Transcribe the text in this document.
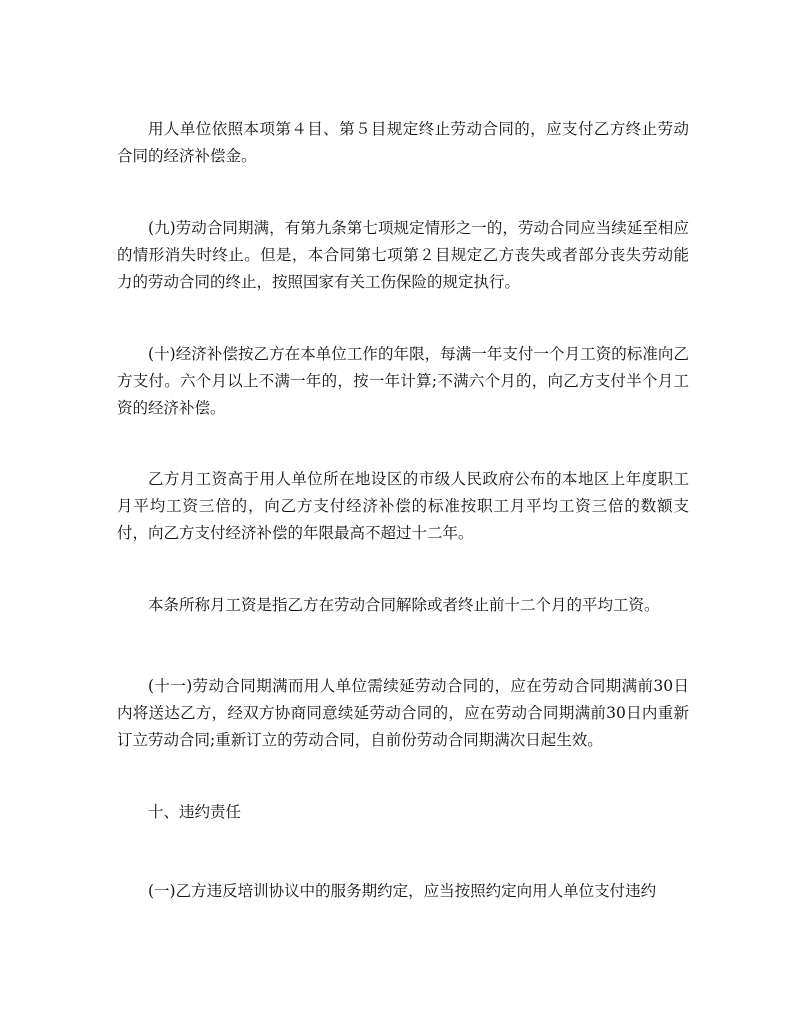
用人单位依照本项第４目、第５目规定终止劳动合同的，应支付乙方终止劳动合同的经济补偿金。

(九)劳动合同期满，有第九条第七项规定情形之一的，劳动合同应当续延至相应的情形消失时终止。但是，本合同第七项第２目规定乙方丧失或者部分丧失劳动能力的劳动合同的终止，按照国家有关工伤保险的规定执行。

(十)经济补偿按乙方在本单位工作的年限，每满一年支付一个月工资的标准向乙方支付。六个月以上不满一年的，按一年计算;不满六个月的，向乙方支付半个月工资的经济补偿。

乙方月工资高于用人单位所在地设区的市级人民政府公布的本地区上年度职工月平均工资三倍的，向乙方支付经济补偿的标准按职工月平均工资三倍的数额支付，向乙方支付经济补偿的年限最高不超过十二年。

本条所称月工资是指乙方在劳动合同解除或者终止前十二个月的平均工资。

(十一)劳动合同期满而用人单位需续延劳动合同的，应在劳动合同期满前30日内将送达乙方，经双方协商同意续延劳动合同的，应在劳动合同期满前30日内重新订立劳动合同;重新订立的劳动合同，自前份劳动合同期满次日起生效。

十、违约责任

(一)乙方违反培训协议中的服务期约定，应当按照约定向用人单位支付违约
